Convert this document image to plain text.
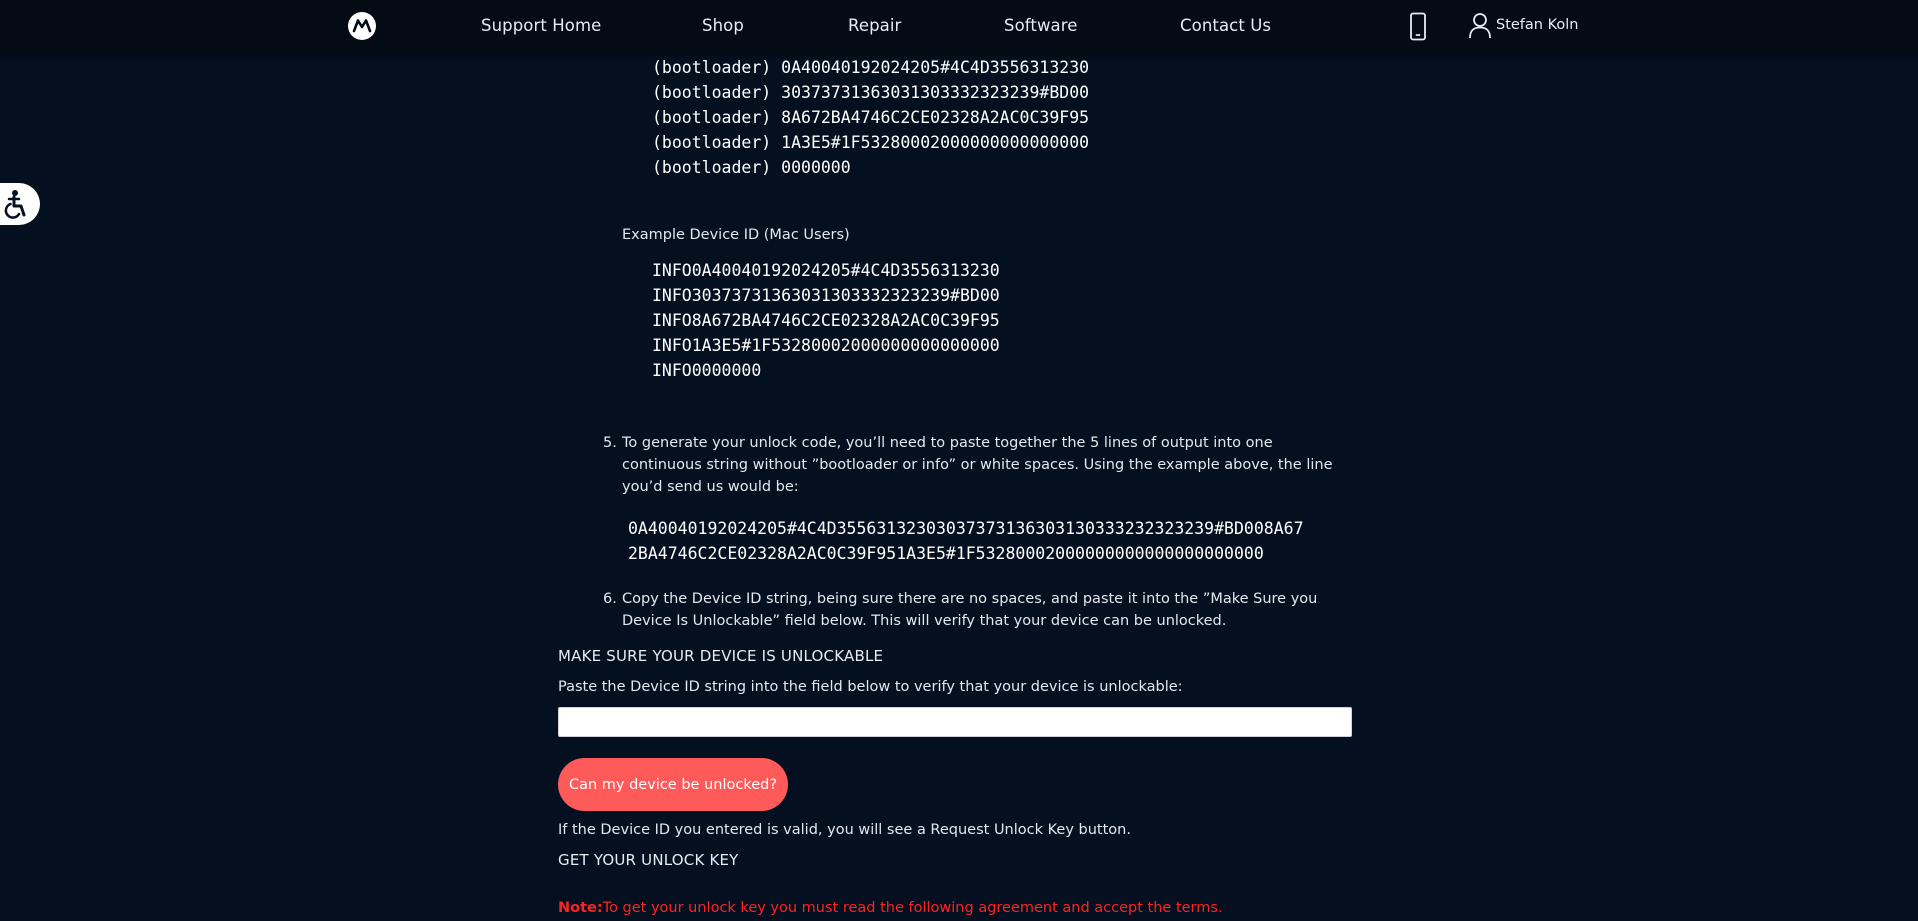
Support Home	Shop	Repair	Software	Contact Us	Stefan Koln
(bootloader) 0A40040192024205#4C4D3556313230
(bootloader) 30373731363031303332323239#BD00
(bootloader) 8A672BA4746C2CE02328A2AC0C39F95
(bootloader) 1A3E5#1F53280002000000000000000
(bootloader) 0000000
Example Device ID (Mac Users)
INFO0A40040192024205#4C4D3556313230
INFO30373731363031303332323239#BD00
INFO8A672BA4746C2CE02328A2AC0C39F95
INFO1A3E5#1F53280002000000000000000
INFO0000000
5. To generate your unlock code, you’ll need to paste together the 5 lines of output into one
continuous string without ”bootloader or info” or white spaces. Using the example above, the line
you’d send us would be:
0A40040192024205#4C4D35563132303037373136303130333232323239#BD008A67
2BA4746C2CE02328A2AC0C39F951A3E5#1F53280002000000000000000000000
6. Copy the Device ID string, being sure there are no spaces, and paste it into the ”Make Sure you
Device Is Unlockable” field below. This will verify that your device can be unlocked.
MAKE SURE YOUR DEVICE IS UNLOCKABLE
Paste the Device ID string into the field below to verify that your device is unlockable:
Can my device be unlocked?
If the Device ID you entered is valid, you will see a Request Unlock Key button.
GET YOUR UNLOCK KEY
Note:To get your unlock key you must read the following agreement and accept the terms.
